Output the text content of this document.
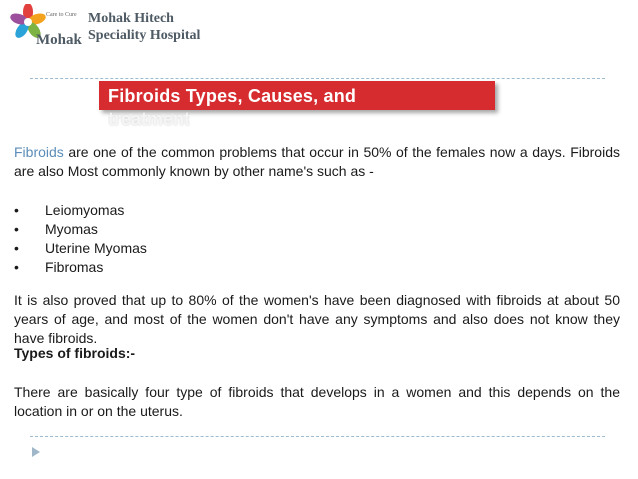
Care to Cure
Mohak
Mohak Hitech
Speciality Hospital
Fibroids Types, Causes, and
treatment
Fibroids are one of the common problems that occur in 50% of the females now a days. Fibroids are also Most commonly known by other name's such as -
•	Leiomyomas
•	Myomas
•	Uterine Myomas
•	Fibromas
It is also proved that up to 80% of the women's have been diagnosed with fibroids at about 50 years of age, and most of the women don't have any symptoms and also does not know they have fibroids.
Types of fibroids:-
There are basically four type of fibroids that develops in a women and this depends on the location in or on the uterus.
